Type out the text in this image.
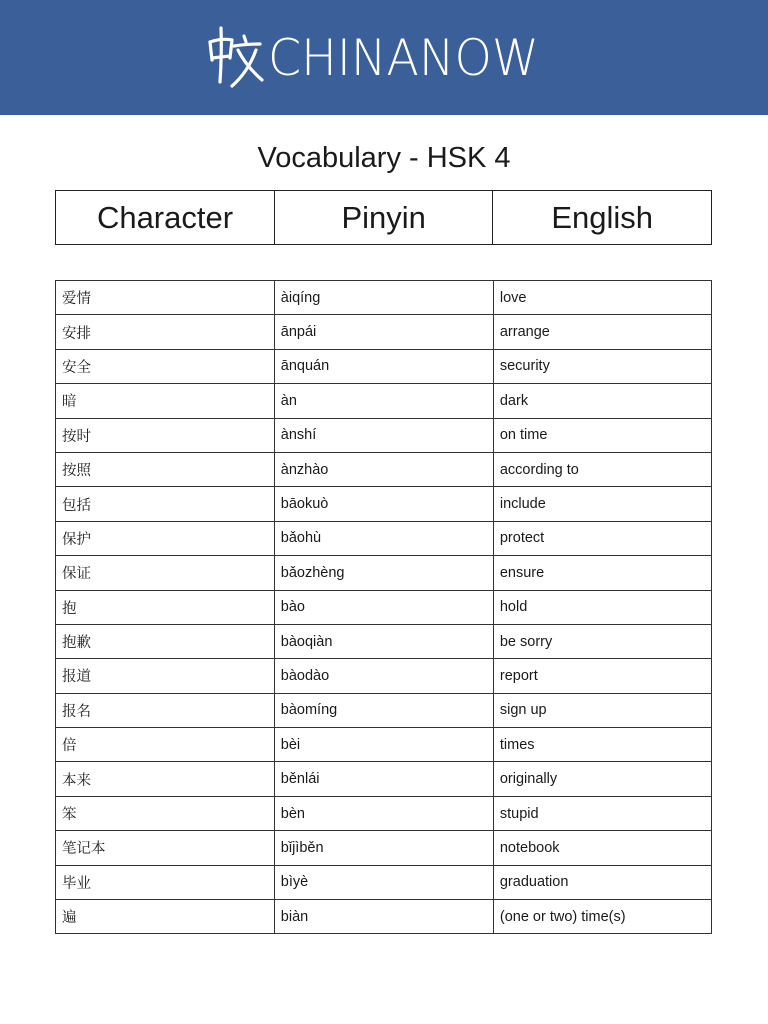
CHINANOW
Vocabulary - HSK 4
Character	Pinyin	English
爱情	àiqíng	love
安排	ānpái	arrange
安全	ānquán	security
暗	àn	dark
按时	ànshí	on time
按照	ànzhào	according to
包括	bāokuò	include
保护	bǎohù	protect
保证	bǎozhèng	ensure
抱	bào	hold
抱歉	bàoqiàn	be sorry
报道	bàodào	report
报名	bàomíng	sign up
倍	bèi	times
本来	běnlái	originally
笨	bèn	stupid
笔记本	bǐjìběn	notebook
毕业	bìyè	graduation
遍	biàn	(one or two) time(s)
